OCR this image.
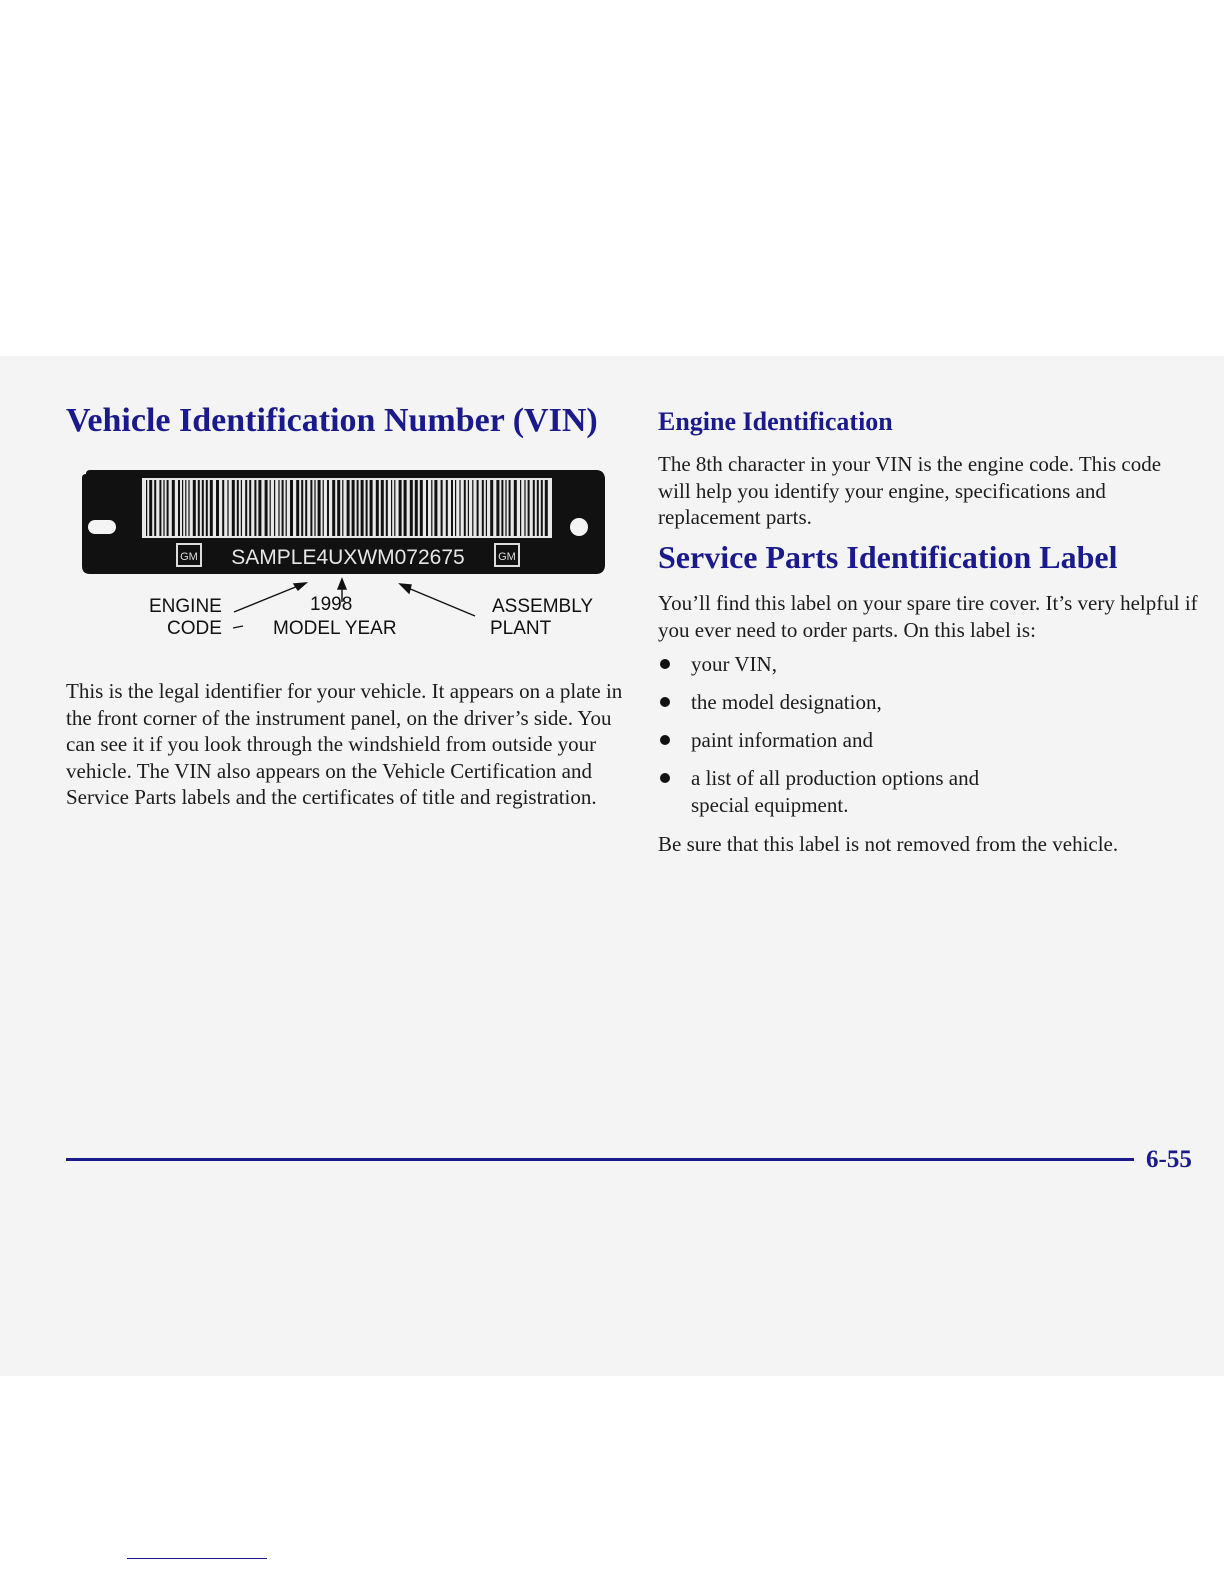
Vehicle Identification Number (VIN)
GM	GM
SAMPLE4UXWM072675
ENGINE
CODE
1998
MODEL YEAR
ASSEMBLY
PLANT

This is the legal identifier for your vehicle. It appears on a plate in the front corner of the instrument panel, on the driver’s side. You can see it if you look through the windshield from outside your vehicle. The VIN also appears on the Vehicle Certification and Service Parts labels and the certificates of title and registration.

Engine Identification

The 8th character in your VIN is the engine code. This code will help you identify your engine, specifications and replacement parts.

Service Parts Identification Label

You’ll find this label on your spare tire cover. It’s very helpful if you ever need to order parts. On this label is:

your VIN,
the model designation,
paint information and
a list of all production options and special equipment.

Be sure that this label is not removed from the vehicle.

6-55
